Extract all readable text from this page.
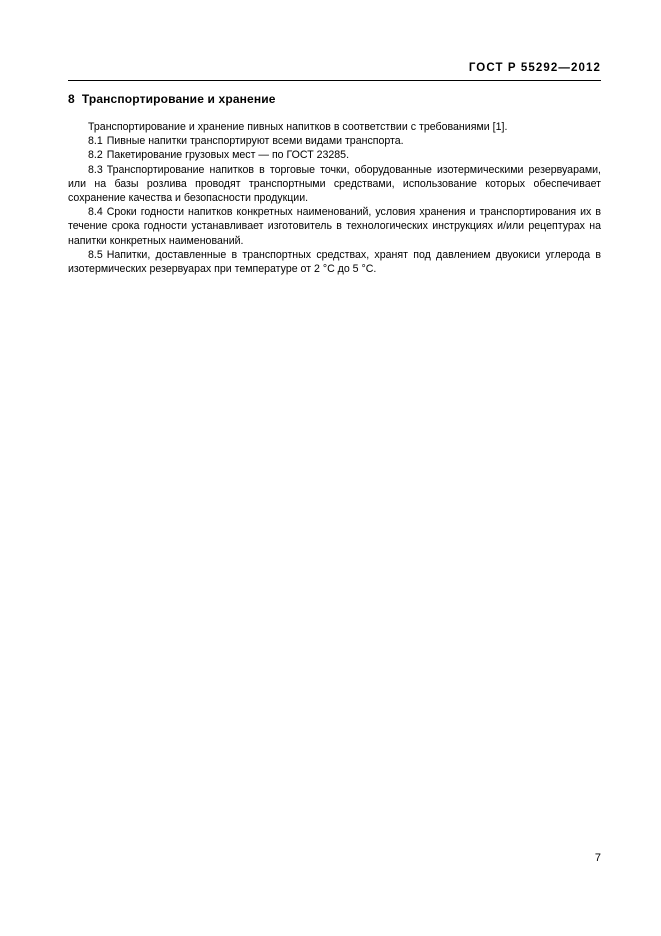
ГОСТ Р 55292—2012
8 Транспортирование и хранение

Транспортирование и хранение пивных напитков в соответствии с требованиями [1].

8.1 Пивные напитки транспортируют всеми видами транспорта.

8.2 Пакетирование грузовых мест — по ГОСТ 23285.

8.3 Транспортирование напитков в торговые точки, оборудованные изотермическими резервуарами, или на базы розлива проводят транспортными средствами, использование которых обеспечивает сохранение качества и безопасности продукции.

8.4 Сроки годности напитков конкретных наименований, условия хранения и транспортирования их в течение срока годности устанавливает изготовитель в технологических инструкциях и/или рецептурах на напитки конкретных наименований.

8.5 Напитки, доставленные в транспортных средствах, хранят под давлением двуокиси углерода в изотермических резервуарах при температуре от 2 °С до 5 °С.

7
